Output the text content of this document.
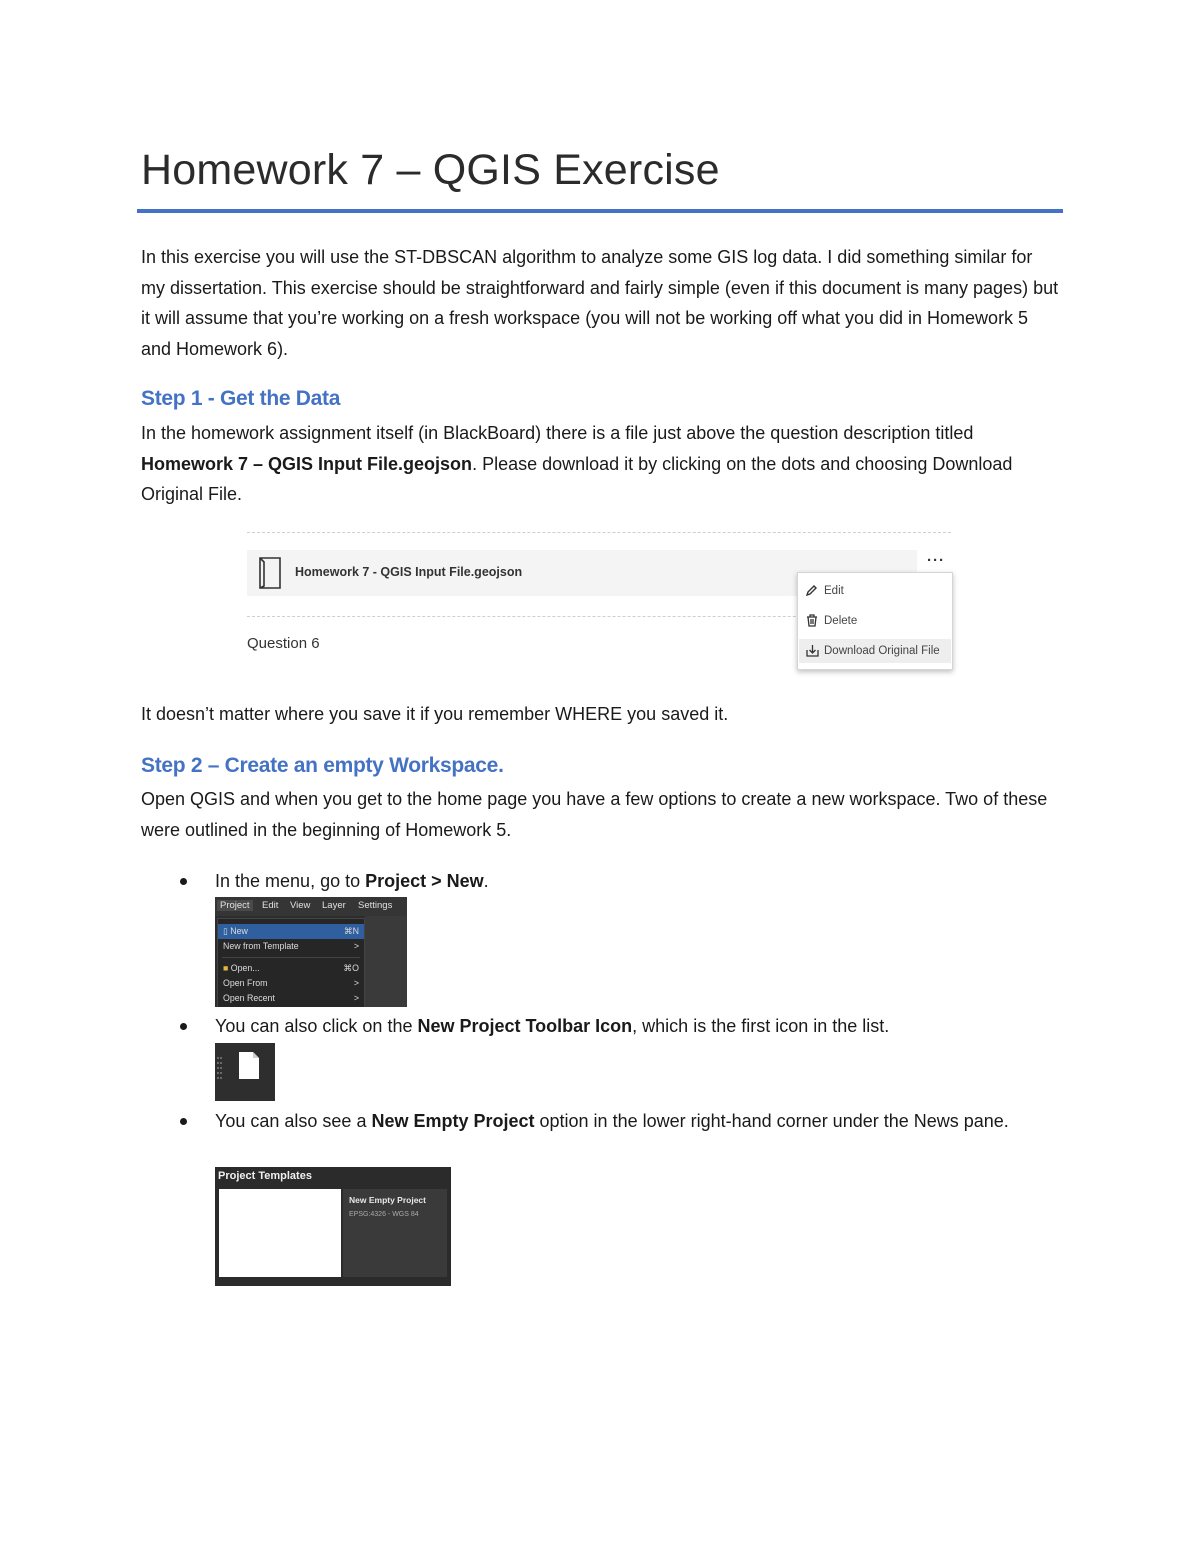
Homework 7 – QGIS Exercise
In this exercise you will use the ST-DBSCAN algorithm to analyze some GIS log data. I did something similar for my dissertation. This exercise should be straightforward and fairly simple (even if this document is many pages) but it will assume that you’re working on a fresh workspace (you will not be working off what you did in Homework 5 and Homework 6).
Step 1 - Get the Data
In the homework assignment itself (in BlackBoard) there is a file just above the question description titled Homework 7 – QGIS Input File.geojson. Please download it by clicking on the dots and choosing Download Original File.
Homework 7 - QGIS Input File.geojson
···
Question 6
Edit
Delete
Download Original File
It doesn’t matter where you save it if you remember WHERE you saved it.
Step 2 – Create an empty Workspace.
Open QGIS and when you get to the home page you have a few options to create a new workspace. Two of these were outlined in the beginning of Homework 5.
In the menu, go to Project > New.
Project	Edit View Layer Settings
▯ New	⌘N
New from Template	>
■ Open...	⌘O
Open From	>
Open Recent	>
You can also click on the New Project Toolbar Icon, which is the first icon in the list.
You can also see a New Empty Project option in the lower right-hand corner under the News pane.
Project Templates
New Empty Project
EPSG:4326 - WGS 84
